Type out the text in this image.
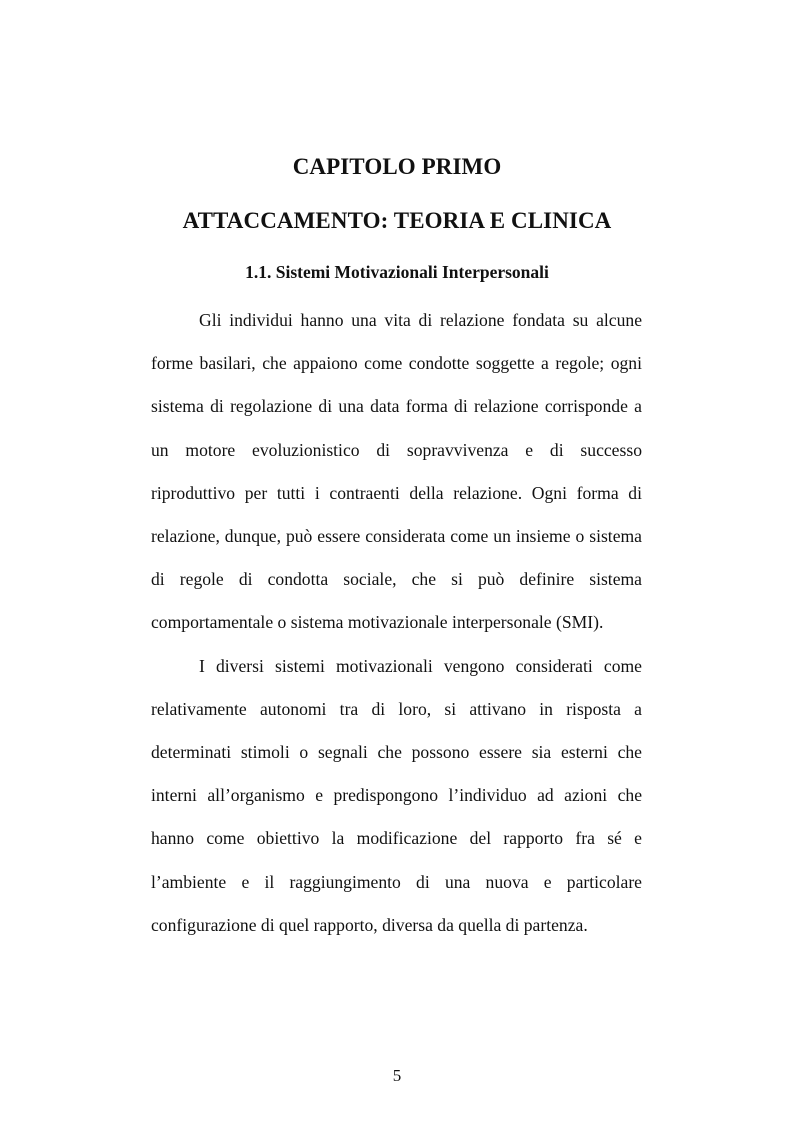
CAPITOLO PRIMO
ATTACCAMENTO: TEORIA E CLINICA
1.1. Sistemi Motivazionali Interpersonali

Gli individui hanno una vita di relazione fondata su alcune forme basilari, che appaiono come condotte soggette a regole; ogni sistema di regolazione di una data forma di relazione corrisponde a un motore evoluzionistico di sopravvivenza e di successo riproduttivo per tutti i contraenti della relazione. Ogni forma di relazione, dunque, può essere considerata come un insieme o sistema di regole di condotta sociale, che si può definire sistema comportamentale o sistema motivazionale interpersonale (SMI).

I diversi sistemi motivazionali vengono considerati come relativamente autonomi tra di loro, si attivano in risposta a determinati stimoli o segnali che possono essere sia esterni che interni all’organismo e predispongono l’individuo ad azioni che hanno come obiettivo la modificazione del rapporto fra sé e l’ambiente e il raggiungimento di una nuova e particolare configurazione di quel rapporto, diversa da quella di partenza.

5
